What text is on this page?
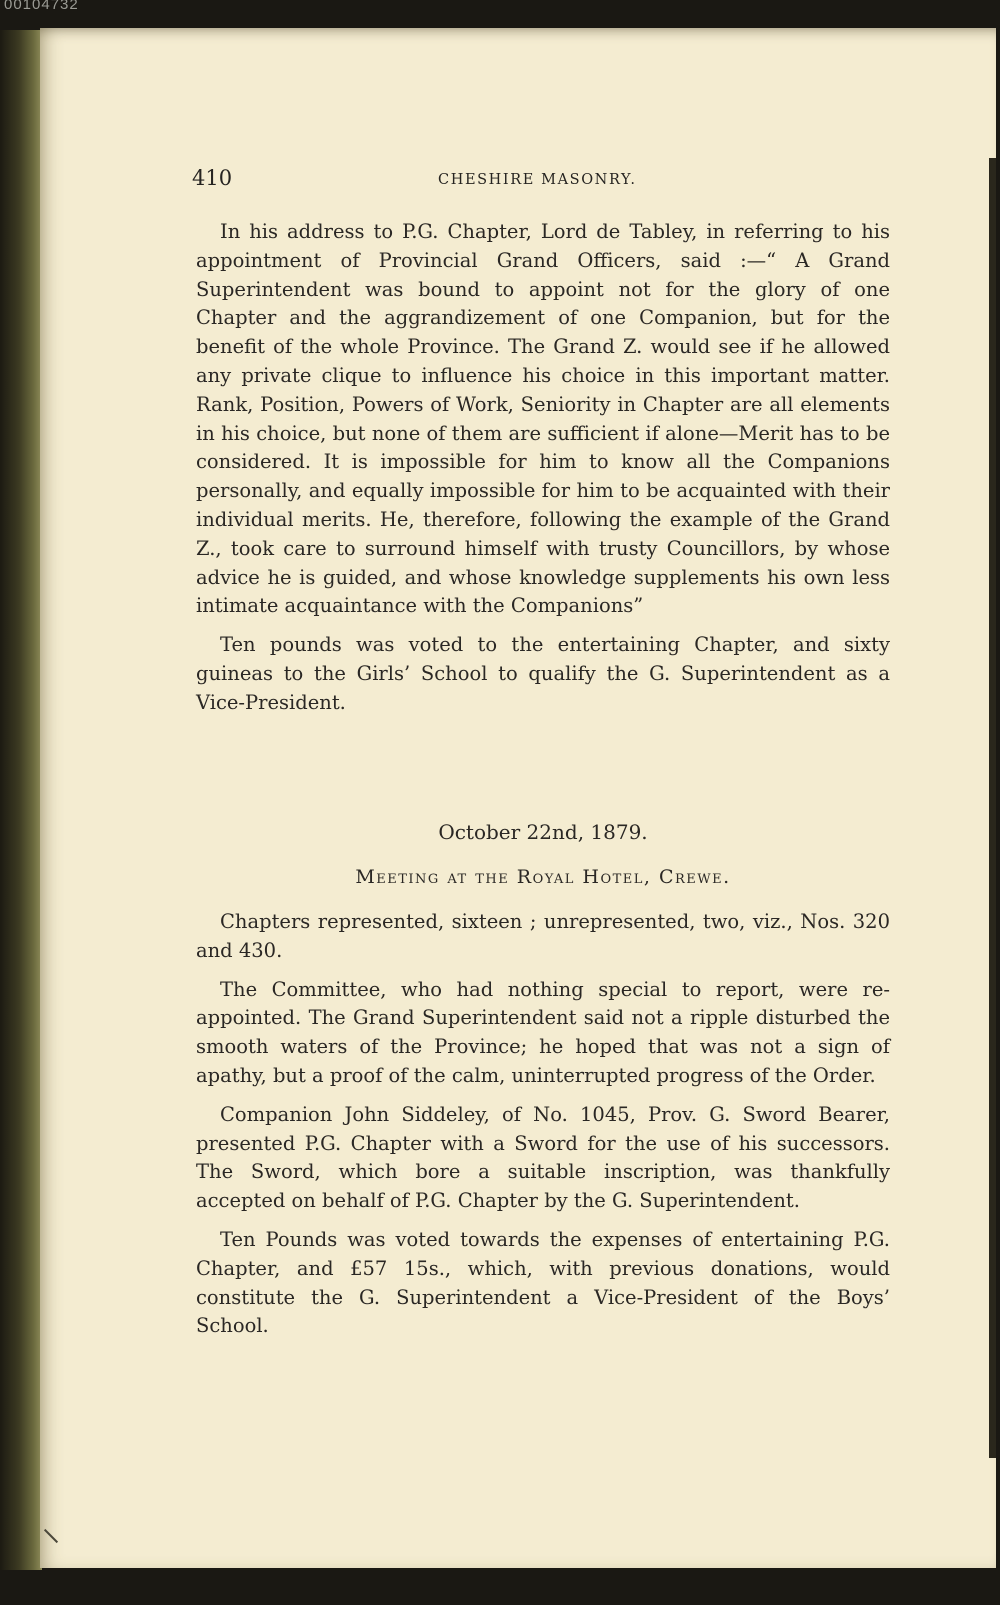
00104732
410	CHESHIRE MASONRY.

In his address to P.G. Chapter, Lord de Tabley, in referring to his appointment of Provincial Grand Officers, said :—“ A Grand Superintendent was bound to appoint not for the glory of one Chapter and the aggrandizement of one Companion, but for the benefit of the whole Province. The Grand Z. would see if he allowed any private clique to influence his choice in this important matter. Rank, Position, Powers of Work, Seniority in Chapter are all elements in his choice, but none of them are sufficient if alone—Merit has to be considered. It is impossible for him to know all the Companions personally, and equally impossible for him to be acquainted with their individual merits. He, therefore, following the example of the Grand Z., took care to surround himself with trusty Councillors, by whose advice he is guided, and whose knowledge supplements his own less intimate acquaintance with the Companions”

Ten pounds was voted to the entertaining Chapter, and sixty guineas to the Girls’ School to qualify the G. Superintendent as a Vice-President.

October 22nd, 1879.
Meeting at the Royal Hotel, Crewe.

Chapters represented, sixteen ; unrepresented, two, viz., Nos. 320 and 430.

The Committee, who had nothing special to report, were re-appointed. The Grand Superintendent said not a ripple disturbed the smooth waters of the Province; he hoped that was not a sign of apathy, but a proof of the calm, uninterrupted progress of the Order.

Companion John Siddeley, of No. 1045, Prov. G. Sword Bearer, presented P.G. Chapter with a Sword for the use of his successors. The Sword, which bore a suitable inscription, was thankfully accepted on behalf of P.G. Chapter by the G. Superintendent.

Ten Pounds was voted towards the expenses of entertaining P.G. Chapter, and £57 15s., which, with previous donations, would constitute the G. Superintendent a Vice-President of the Boys’ School.
